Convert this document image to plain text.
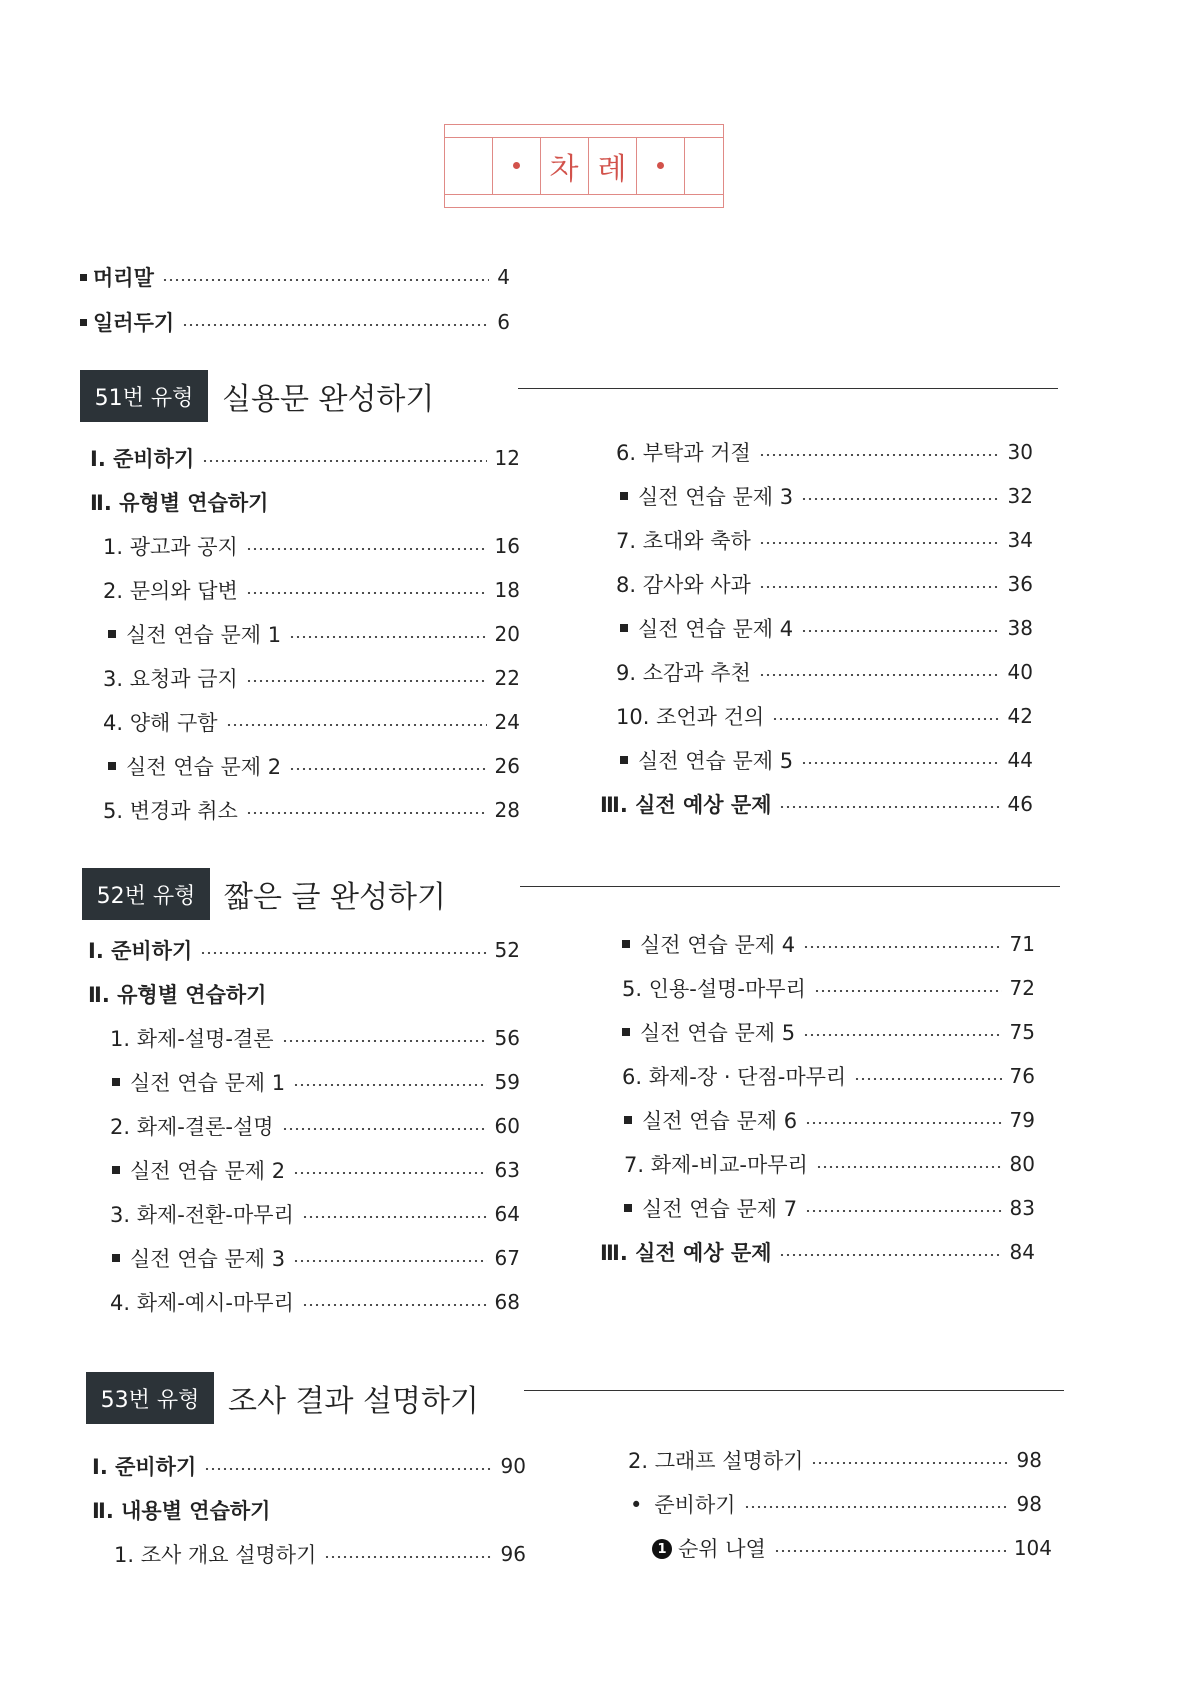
차 례
머리말	4
일러두기	6
51번 유형 실용문 완성하기
Ⅰ. 준비하기	12
Ⅱ. 유형별 연습하기
1. 광고과 공지	16
2. 문의와 답변	18
실전 연습 문제 1	20
3. 요청과 금지	22
4. 양해 구함	24
실전 연습 문제 2	26
5. 변경과 취소	28
6. 부탁과 거절	30
실전 연습 문제 3	32
7. 초대와 축하	34
8. 감사와 사과	36
실전 연습 문제 4	38
9. 소감과 추천	40
10. 조언과 건의	42
실전 연습 문제 5	44
Ⅲ. 실전 예상 문제	46
52번 유형 짧은 글 완성하기
Ⅰ. 준비하기	52
Ⅱ. 유형별 연습하기
1. 화제-설명-결론	56
실전 연습 문제 1	59
2. 화제-결론-설명	60
실전 연습 문제 2	63
3. 화제-전환-마무리	64
실전 연습 문제 3	67
4. 화제-예시-마무리	68
실전 연습 문제 4	71
5. 인용-설명-마무리	72
실전 연습 문제 5	75
6. 화제-장 · 단점-마무리	76
실전 연습 문제 6	79
7. 화제-비교-마무리	80
실전 연습 문제 7	83
Ⅲ. 실전 예상 문제	84
53번 유형 조사 결과 설명하기
Ⅰ. 준비하기	90
Ⅱ. 내용별 연습하기
1. 조사 개요 설명하기	96
2. 그래프 설명하기	98
• 준비하기	98
1 순위 나열	104
